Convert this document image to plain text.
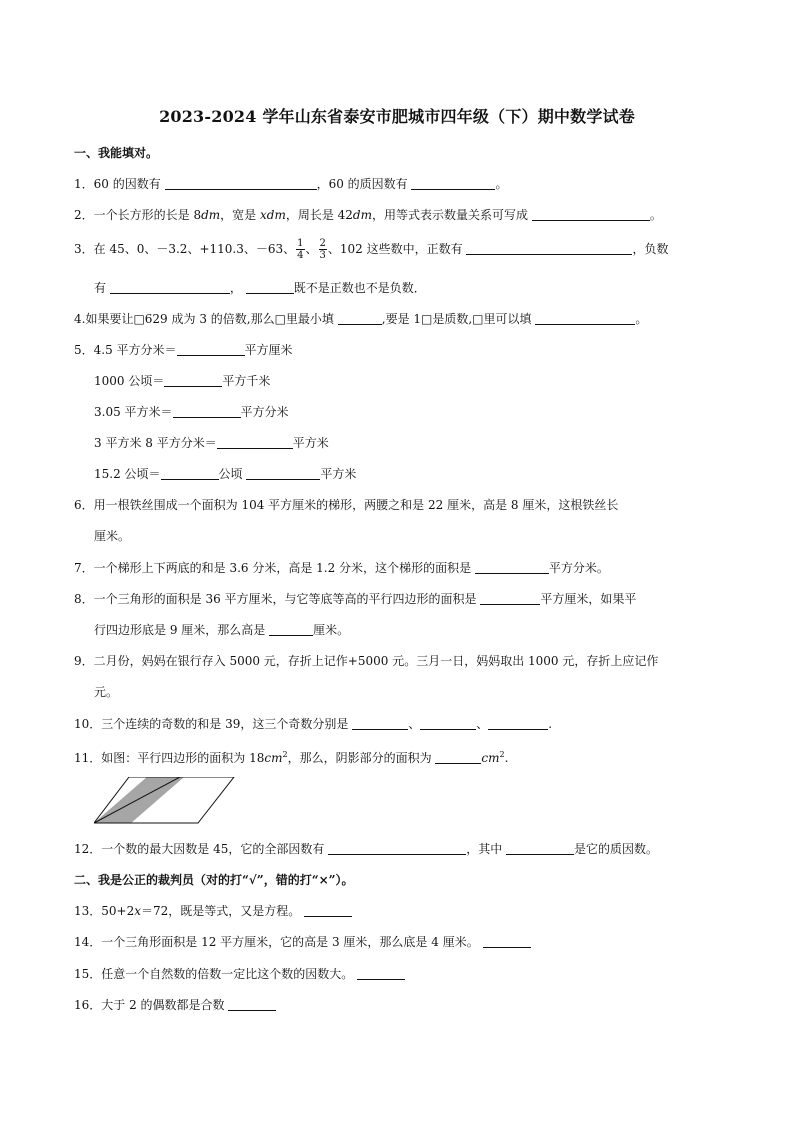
2023-2024 学年山东省泰安市肥城市四年级（下）期中数学试卷
一、我能填对。
1．60 的因数有	，60 的质因数有	。
2．一个长方形的长是 8dm，宽是 xdm，周长是 42dm，用等式表示数量关系可写成	。
3．在 45、0、－3.2、+110.3、－63、 $\frac{1}{4}$ 、 $\frac{2}{3}$ 、102 这些数中，正数有	，负数
有	，	既不是正数也不是负数．
4.如果要让□629 成为 3 的倍数,那么□里最小填	,要是 1□是质数,□里可以填	。
5．4.5 平方分米＝	平方厘米
1000 公顷＝	平方千米
3.05 平方米＝	平方分米
3 平方米 8 平方分米＝	平方米
15.2 公顷＝	公顷	平方米
6．用一根铁丝围成一个面积为 104 平方厘米的梯形，两腰之和是 22 厘米，高是 8 厘米，这根铁丝长
厘米。
7．一个梯形上下两底的和是 3.6 分米，高是 1.2 分米，这个梯形的面积是	平方分米。
8．一个三角形的面积是 36 平方厘米，与它等底等高的平行四边形的面积是	平方厘米，如果平
行四边形底是 9 厘米，那么高是	厘米。
9．二月份，妈妈在银行存入 5000 元，存折上记作+5000 元。三月一日，妈妈取出 1000 元，存折上应记作
元。
10．三个连续的奇数的和是 39，这三个奇数分别是	、	、	.
11．如图：平行四边形的面积为 $18cm^2$，那么，阴影部分的面积为	$cm^2$.
12．一个数的最大因数是 45，它的全部因数有	，其中	是它的质因数。
二、我是公正的裁判员（对的打“√”，错的打“×”）。
13．50+2x＝72，既是等式，又是方程。
14．一个三角形面积是 12 平方厘米，它的高是 3 厘米，那么底是 4 厘米。
15．任意一个自然数的倍数一定比这个数的因数大。
16．大于 2 的偶数都是合数
